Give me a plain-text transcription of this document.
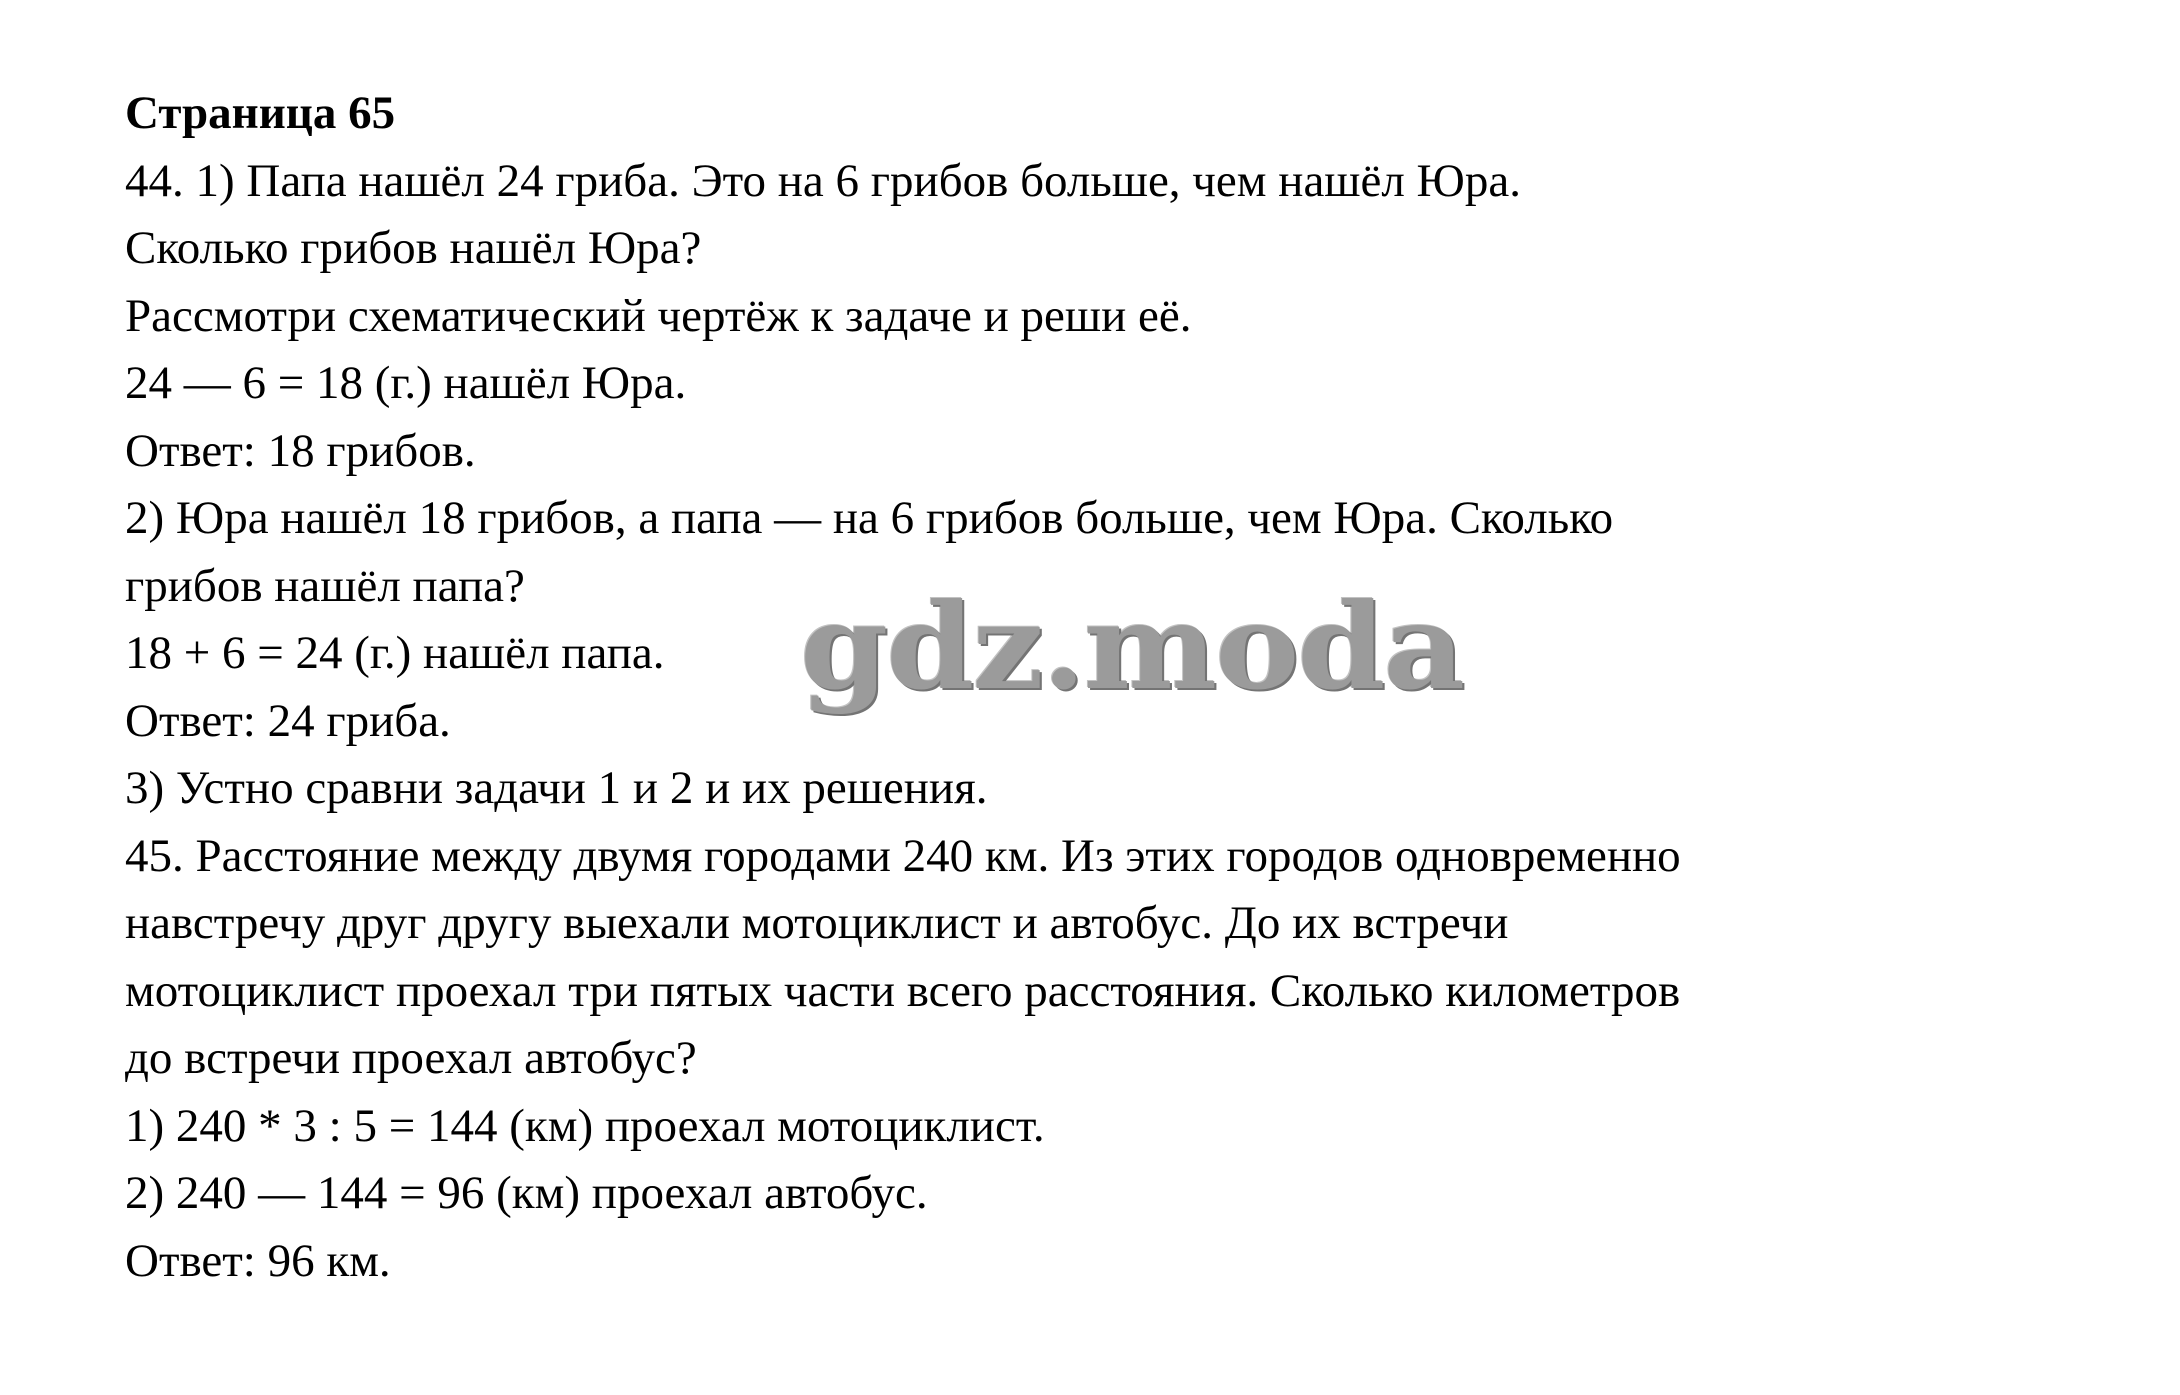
Страница 65
44. 1) Папа нашёл 24 гриба. Это на 6 грибов больше, чем нашёл Юра.
Сколько грибов нашёл Юра?
Рассмотри схематический чертёж к задаче и реши её.
24 — 6 = 18 (г.) нашёл Юра.
Ответ: 18 грибов.
2) Юра нашёл 18 грибов, а папа — на 6 грибов больше, чем Юра. Сколько
грибов нашёл папа?
18 + 6 = 24 (г.) нашёл папа.
Ответ: 24 гриба.
3) Устно сравни задачи 1 и 2 и их решения.
45. Расстояние между двумя городами 240 км. Из этих городов одновременно
навстречу друг другу выехали мотоциклист и автобус. До их встречи
мотоциклист проехал три пятых части всего расстояния. Сколько километров
до встречи проехал автобус?
1) 240 * 3 : 5 = 144 (км) проехал мотоциклист.
2) 240 — 144 = 96 (км) проехал автобус.
Ответ: 96 км.
gdz.moda
